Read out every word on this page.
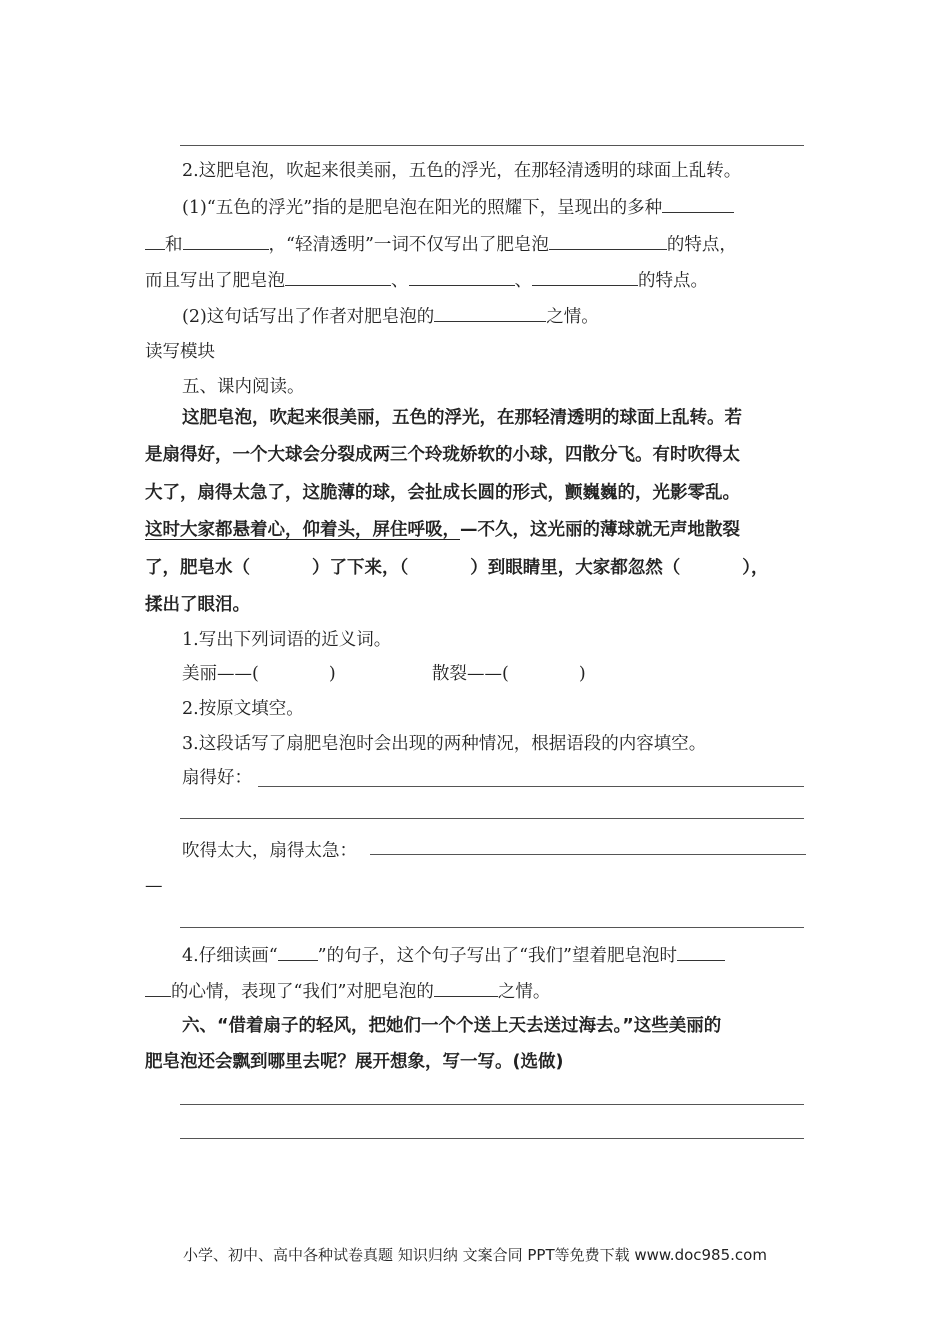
2.这肥皂泡，吹起来很美丽，五色的浮光，在那轻清透明的球面上乱转。
(1)“五色的浮光”指的是肥皂泡在阳光的照耀下，呈现出的多种
和	，“轻清透明”一词不仅写出了肥皂泡	的特点，
而且写出了肥皂泡	、	、	的特点。
(2)这句话写出了作者对肥皂泡的	之情。
读写模块
五、课内阅读。
这肥皂泡，吹起来很美丽，五色的浮光，在那轻清透明的球面上乱转。若
是扇得好，一个大球会分裂成两三个玲珑娇软的小球，四散分飞。有时吹得太
大了，扇得太急了，这脆薄的球，会扯成长圆的形式，颤巍巍的，光影零乱。
这时大家都悬着心，仰着头，屏住呼吸，—不久，这光丽的薄球就无声地散裂
了，肥皂水（	）了下来，（	）到眼睛里，大家都忽然（	），
揉出了眼泪。
1.写出下列词语的近义词。
美丽——(	)	散裂——(	)
2.按原文填空。
3.这段话写了扇肥皂泡时会出现的两种情况，根据语段的内容填空。
扇得好：
吹得太大，扇得太急：
—
4.仔细读画“ ”的句子，这个句子写出了“我们”望着肥皂泡时
的心情，表现了“我们”对肥皂泡的	之情。
六、“借着扇子的轻风，把她们一个个送上天去送过海去。”这些美丽的
肥皂泡还会飘到哪里去呢？展开想象，写一写。(选做)
小学、初中、高中各种试卷真题 知识归纳 文案合同 PPT等免费下载 www.doc985.com
